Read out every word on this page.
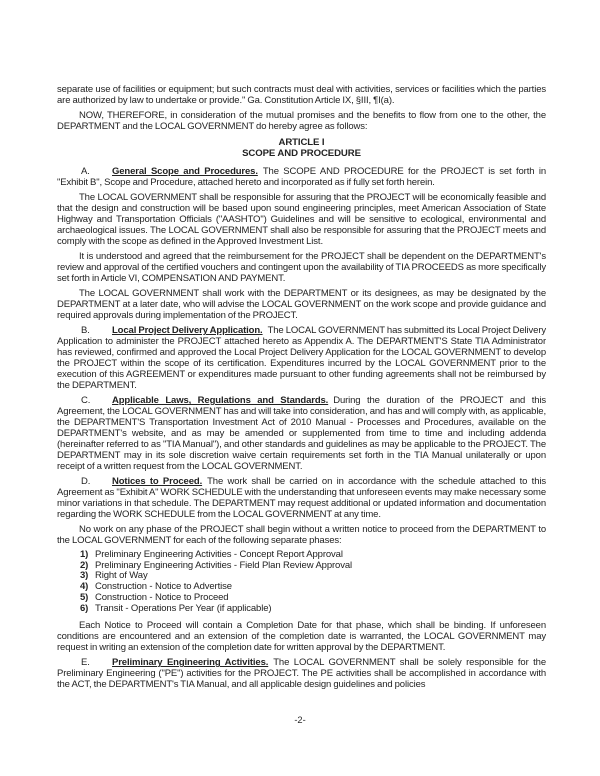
separate use of facilities or equipment; but such contracts must deal with activities, services or facilities which the parties are authorized by law to undertake or provide." Ga. Constitution Article IX, §III, ¶I(a).

NOW, THEREFORE, in consideration of the mutual promises and the benefits to flow from one to the other, the DEPARTMENT and the LOCAL GOVERNMENT do hereby agree as follows:

ARTICLE I
SCOPE AND PROCEDURE

A. General Scope and Procedures. The SCOPE AND PROCEDURE for the PROJECT is set forth in "Exhibit B", Scope and Procedure, attached hereto and incorporated as if fully set forth herein.

The LOCAL GOVERNMENT shall be responsible for assuring that the PROJECT will be economically feasible and that the design and construction will be based upon sound engineering principles, meet American Association of State Highway and Transportation Officials ("AASHTO") Guidelines and will be sensitive to ecological, environmental and archaeological issues. The LOCAL GOVERNMENT shall also be responsible for assuring that the PROJECT meets and comply with the scope as defined in the Approved Investment List.

It is understood and agreed that the reimbursement for the PROJECT shall be dependent on the DEPARTMENT's review and approval of the certified vouchers and contingent upon the availability of TIA PROCEEDS as more specifically set forth in Article VI, COMPENSATION AND PAYMENT.

The LOCAL GOVERNMENT shall work with the DEPARTMENT or its designees, as may be designated by the DEPARTMENT at a later date, who will advise the LOCAL GOVERNMENT on the work scope and provide guidance and required approvals during implementation of the PROJECT.

B. Local Project Delivery Application. The LOCAL GOVERNMENT has submitted its Local Project Delivery Application to administer the PROJECT attached hereto as Appendix A. The DEPARTMENT'S State TIA Administrator has reviewed, confirmed and approved the Local Project Delivery Application for the LOCAL GOVERNMENT to develop the PROJECT within the scope of its certification. Expenditures incurred by the LOCAL GOVERNMENT prior to the execution of this AGREEMENT or expenditures made pursuant to other funding agreements shall not be reimbursed by the DEPARTMENT.

C. Applicable Laws, Regulations and Standards. During the duration of the PROJECT and this Agreement, the LOCAL GOVERNMENT has and will take into consideration, and has and will comply with, as applicable, the DEPARTMENT'S Transportation Investment Act of 2010 Manual - Processes and Procedures, available on the DEPARTMENT's website, and as may be amended or supplemented from time to time and including addenda (hereinafter referred to as "TIA Manual"), and other standards and guidelines as may be applicable to the PROJECT. The DEPARTMENT may in its sole discretion waive certain requirements set forth in the TIA Manual unilaterally or upon receipt of a written request from the LOCAL GOVERNMENT.

D. Notices to Proceed. The work shall be carried on in accordance with the schedule attached to this Agreement as "Exhibit A" WORK SCHEDULE with the understanding that unforeseen events may make necessary some minor variations in that schedule. The DEPARTMENT may request additional or updated information and documentation regarding the WORK SCHEDULE from the LOCAL GOVERNMENT at any time.

No work on any phase of the PROJECT shall begin without a written notice to proceed from the DEPARTMENT to the LOCAL GOVERNMENT for each of the following separate phases:

1) Preliminary Engineering Activities - Concept Report Approval
2) Preliminary Engineering Activities - Field Plan Review Approval
3) Right of Way
4) Construction - Notice to Advertise
5) Construction - Notice to Proceed
6) Transit - Operations Per Year (if applicable)

Each Notice to Proceed will contain a Completion Date for that phase, which shall be binding. If unforeseen conditions are encountered and an extension of the completion date is warranted, the LOCAL GOVERNMENT may request in writing an extension of the completion date for written approval by the DEPARTMENT.

E. Preliminary Engineering Activities. The LOCAL GOVERNMENT shall be solely responsible for the Preliminary Engineering ("PE") activities for the PROJECT. The PE activities shall be accomplished in accordance with the ACT, the DEPARTMENT's TIA Manual, and all applicable design guidelines and policies

-2-
